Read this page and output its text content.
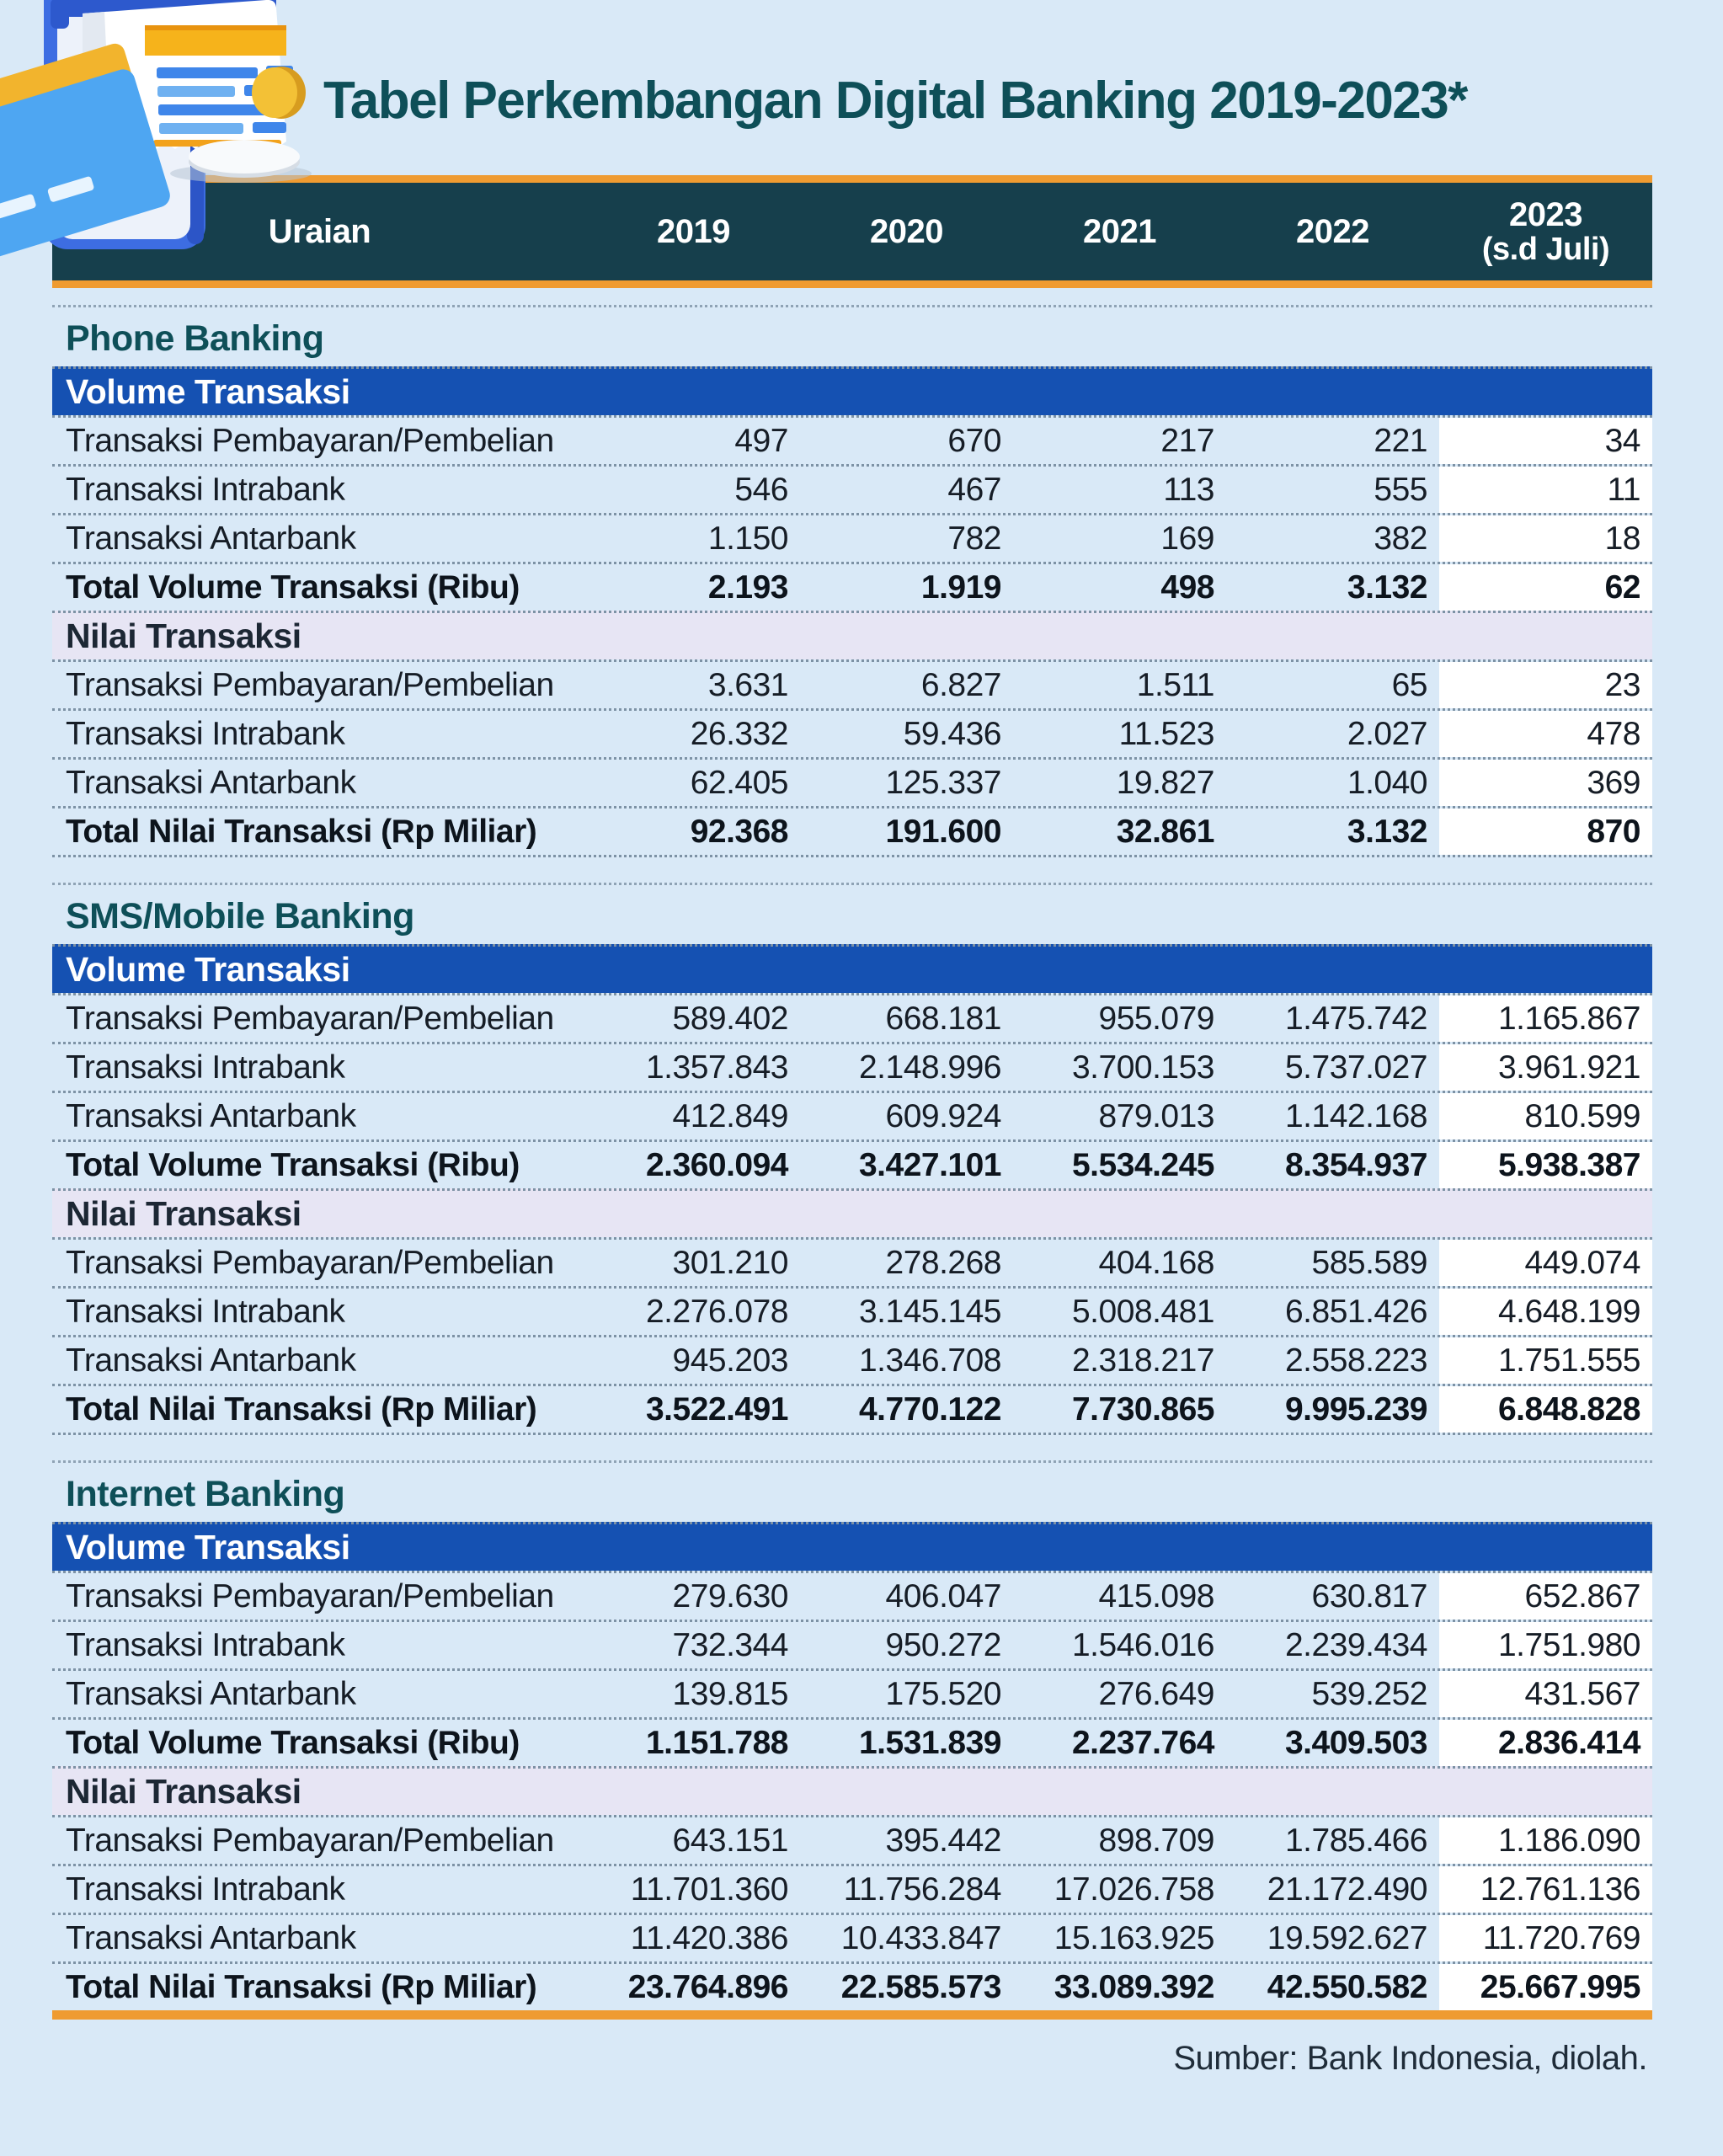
Tabel Perkembangan Digital Banking 2019-2023*
Uraian	2019	2020	2021	2022	2023
(s.d Juli)
Phone Banking
Volume Transaksi
Transaksi Pembayaran/Pembelian	497	670	217	221	34
Transaksi Intrabank	546	467	113	555	11
Transaksi Antarbank	1.150	782	169	382	18
Total Volume Transaksi (Ribu)	2.193	1.919	498	3.132	62
Nilai Transaksi
Transaksi Pembayaran/Pembelian	3.631	6.827	1.511	65	23
Transaksi Intrabank	26.332	59.436	11.523	2.027	478
Transaksi Antarbank	62.405	125.337	19.827	1.040	369
Total Nilai Transaksi (Rp Miliar)	92.368	191.600	32.861	3.132	870
SMS/Mobile Banking
Volume Transaksi
Transaksi Pembayaran/Pembelian	589.402	668.181	955.079	1.475.742	1.165.867
Transaksi Intrabank	1.357.843	2.148.996	3.700.153	5.737.027	3.961.921
Transaksi Antarbank	412.849	609.924	879.013	1.142.168	810.599
Total Volume Transaksi (Ribu)	2.360.094	3.427.101	5.534.245	8.354.937	5.938.387
Nilai Transaksi
Transaksi Pembayaran/Pembelian	301.210	278.268	404.168	585.589	449.074
Transaksi Intrabank	2.276.078	3.145.145	5.008.481	6.851.426	4.648.199
Transaksi Antarbank	945.203	1.346.708	2.318.217	2.558.223	1.751.555
Total Nilai Transaksi (Rp Miliar)	3.522.491	4.770.122	7.730.865	9.995.239	6.848.828
Internet Banking
Volume Transaksi
Transaksi Pembayaran/Pembelian	279.630	406.047	415.098	630.817	652.867
Transaksi Intrabank	732.344	950.272	1.546.016	2.239.434	1.751.980
Transaksi Antarbank	139.815	175.520	276.649	539.252	431.567
Total Volume Transaksi (Ribu)	1.151.788	1.531.839	2.237.764	3.409.503	2.836.414
Nilai Transaksi
Transaksi Pembayaran/Pembelian	643.151	395.442	898.709	1.785.466	1.186.090
Transaksi Intrabank	11.701.360	11.756.284	17.026.758	21.172.490	12.761.136
Transaksi Antarbank	11.420.386	10.433.847	15.163.925	19.592.627	11.720.769
Total Nilai Transaksi (Rp Miliar)	23.764.896	22.585.573	33.089.392	42.550.582	25.667.995
Sumber: Bank Indonesia, diolah.
